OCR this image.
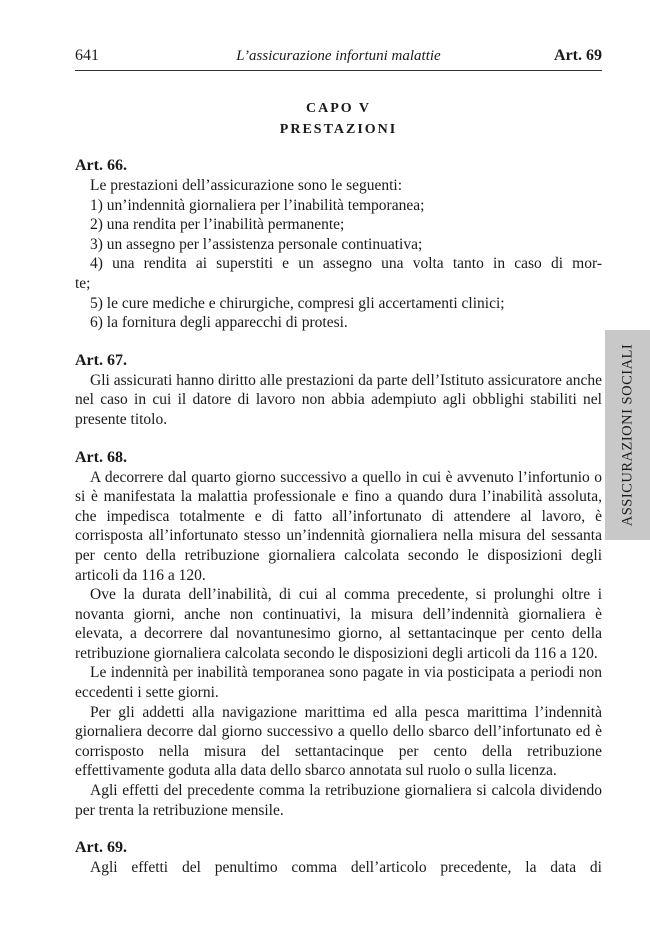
641	L’assicurazione infortuni malattie	Art. 69
CAPO V
PRESTAZIONI

Art. 66.

Le prestazioni dell’assicurazione sono le seguenti:

1) un’indennità giornaliera per l’inabilità temporanea;

2) una rendita per l’inabilità permanente;

3) un assegno per l’assistenza personale continuativa;

4) una rendita ai superstiti e un assegno una volta tanto in caso di mor-

te;

5) le cure mediche e chirurgiche, compresi gli accertamenti clinici;

6) la fornitura degli apparecchi di protesi.

Art. 67.

Gli assicurati hanno diritto alle prestazioni da parte dell’Istituto assicuratore anche nel caso in cui il datore di lavoro non abbia adempiuto agli obblighi stabiliti nel presente titolo.

Art. 68.

A decorrere dal quarto giorno successivo a quello in cui è avvenuto l’infortunio o si è manifestata la malattia professionale e fino a quando dura l’inabilità assoluta, che impedisca totalmente e di fatto all’infortunato di attendere al lavoro, è corrisposta all’infortunato stesso un’indennità giornaliera nella misura del sessanta per cento della retribuzione giornaliera calcolata secondo le disposizioni degli articoli da 116 a 120.

Ove la durata dell’inabilità, di cui al comma precedente, si prolunghi oltre i novanta giorni, anche non continuativi, la misura dell’indennità giornaliera è elevata, a decorrere dal novantunesimo giorno, al settantacinque per cento della retribuzione giornaliera calcolata secondo le disposizioni degli articoli da 116 a 120.

Le indennità per inabilità temporanea sono pagate in via posticipata a periodi non eccedenti i sette giorni.

Per gli addetti alla navigazione marittima ed alla pesca marittima l’indennità giornaliera decorre dal giorno successivo a quello dello sbarco dell’infortunato ed è corrisposto nella misura del settantacinque per cento della retribuzione effettivamente goduta alla data dello sbarco annotata sul ruolo o sulla licenza.

Agli effetti del precedente comma la retribuzione giornaliera si calcola dividendo per trenta la retribuzione mensile.

Art. 69.

Agli effetti del penultimo comma dell’articolo precedente, la data di

ASSICURAZIONI SOCIALI
